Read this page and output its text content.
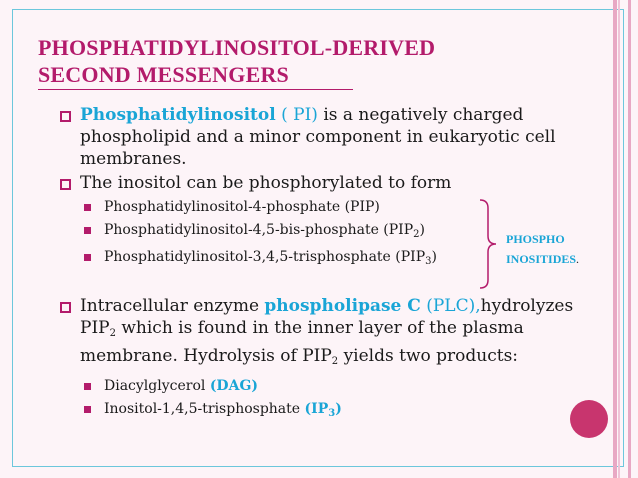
PHOSPHATIDYLINOSITOL-DERIVED
SECOND MESSENGERS
Phosphatidylinositol ( PI) is a negatively charged phospholipid and a minor component in eukaryotic cell membranes.
The inositol can be phosphorylated to form
Phosphatidylinositol-4-phosphate (PIP)
Phosphatidylinositol-4,5-bis-phosphate $(PIP_2)$
Phosphatidylinositol-3,4,5-trisphosphate $(PIP_3)$
Intracellular enzyme phospholipase C (PLC),hydrolyzes $PIP_2$ which is found in the inner layer of the plasma membrane. Hydrolysis of $PIP_2$ yields two products:
Diacylglycerol (DAG)
Inositol-1,4,5-trisphosphate $(IP_3)$
PHOSPHO
INOSITIDES.
